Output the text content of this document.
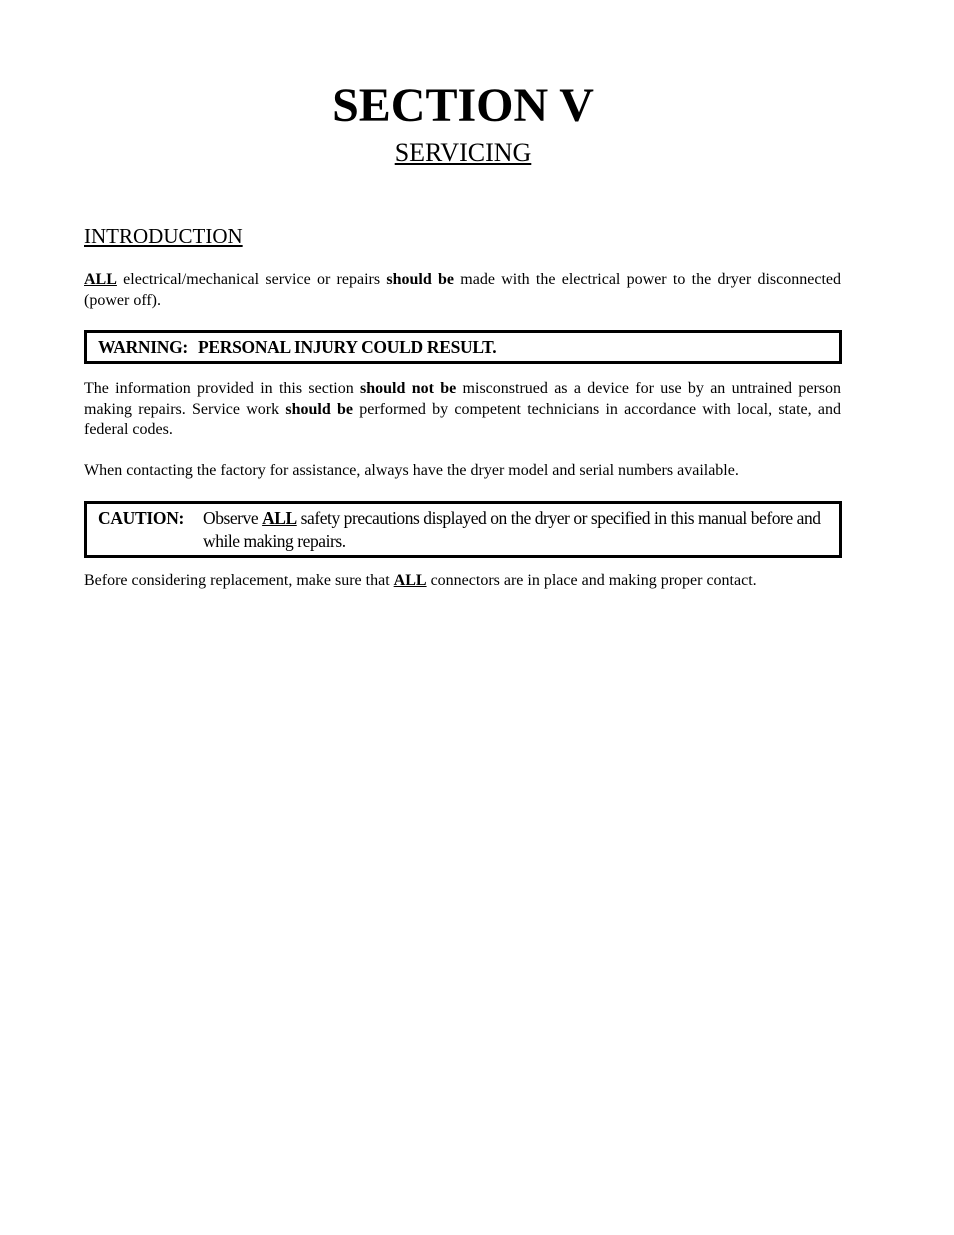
SECTION V
SERVICING
INTRODUCTION

ALL electrical/mechanical service or repairs should be made with the electrical power to the dryer disconnected (power off).

WARNING: PERSONAL INJURY COULD RESULT.

The information provided in this section should not be misconstrued as a device for use by an untrained person making repairs. Service work should be performed by competent technicians in accordance with local, state, and federal codes.

When contacting the factory for assistance, always have the dryer model and serial numbers available.

CAUTION: Observe ALL safety precautions displayed on the dryer or specified in this manual before and while making repairs.

Before considering replacement, make sure that ALL connectors are in place and making proper contact.
